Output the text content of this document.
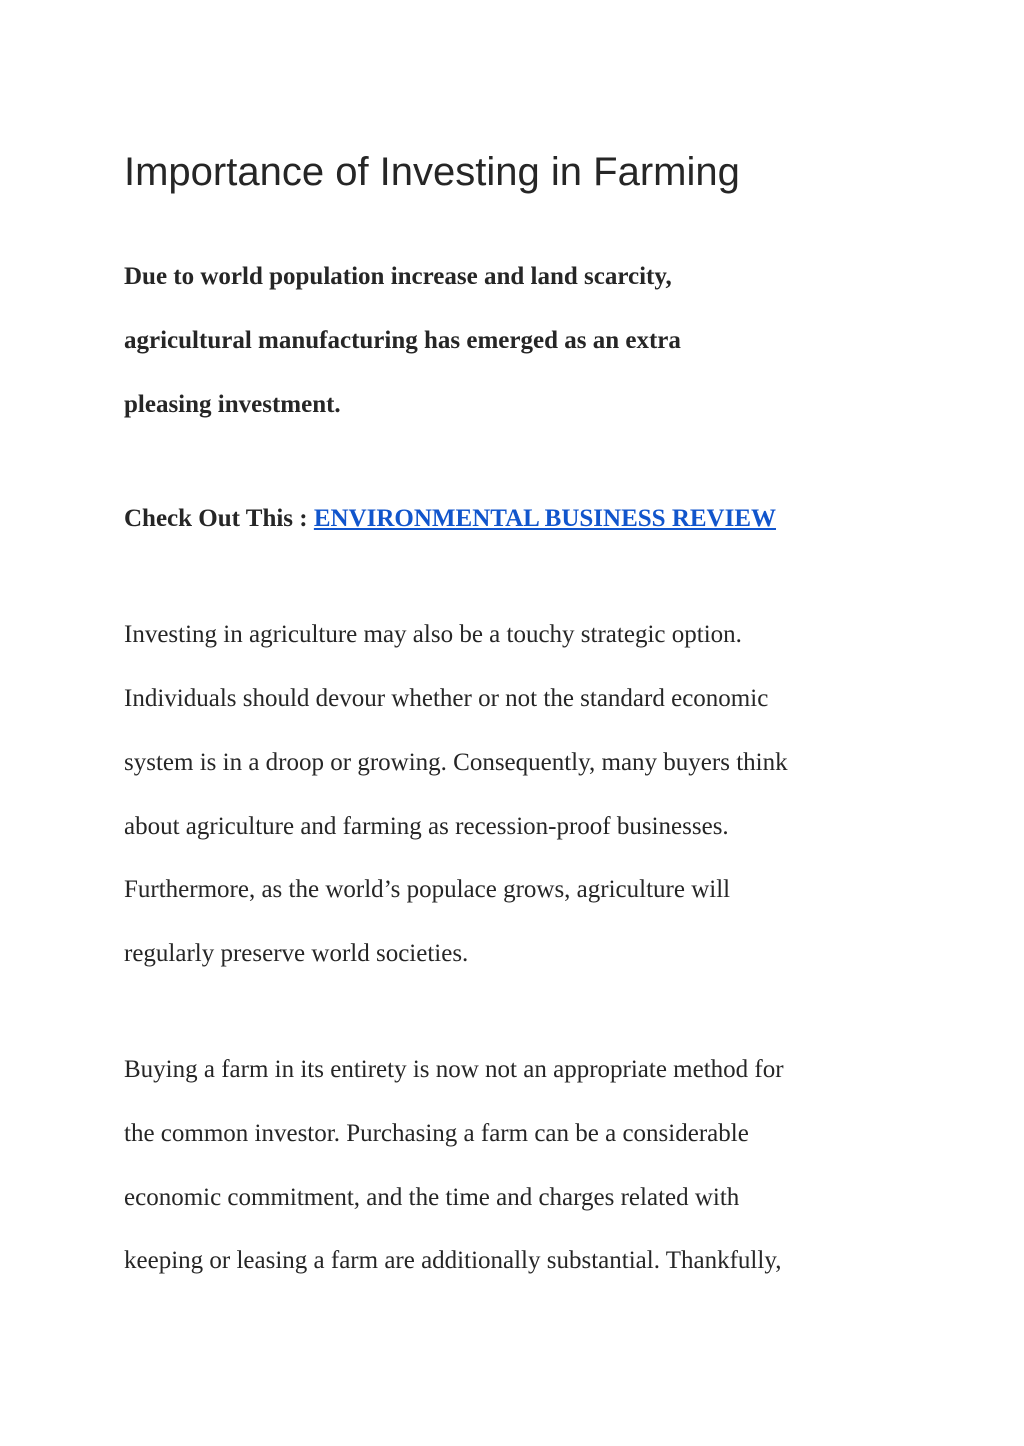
Importance of Investing in Farming

Due to world population increase and land scarcity,

agricultural manufacturing has emerged as an extra

pleasing investment.

Check Out This : ENVIRONMENTAL BUSINESS REVIEW

Investing in agriculture may also be a touchy strategic option.

Individuals should devour whether or not the standard economic

system is in a droop or growing. Consequently, many buyers think

about agriculture and farming as recession-proof businesses.

Furthermore, as the world’s populace grows, agriculture will

regularly preserve world societies.

Buying a farm in its entirety is now not an appropriate method for

the common investor. Purchasing a farm can be a considerable

economic commitment, and the time and charges related with

keeping or leasing a farm are additionally substantial. Thankfully,
